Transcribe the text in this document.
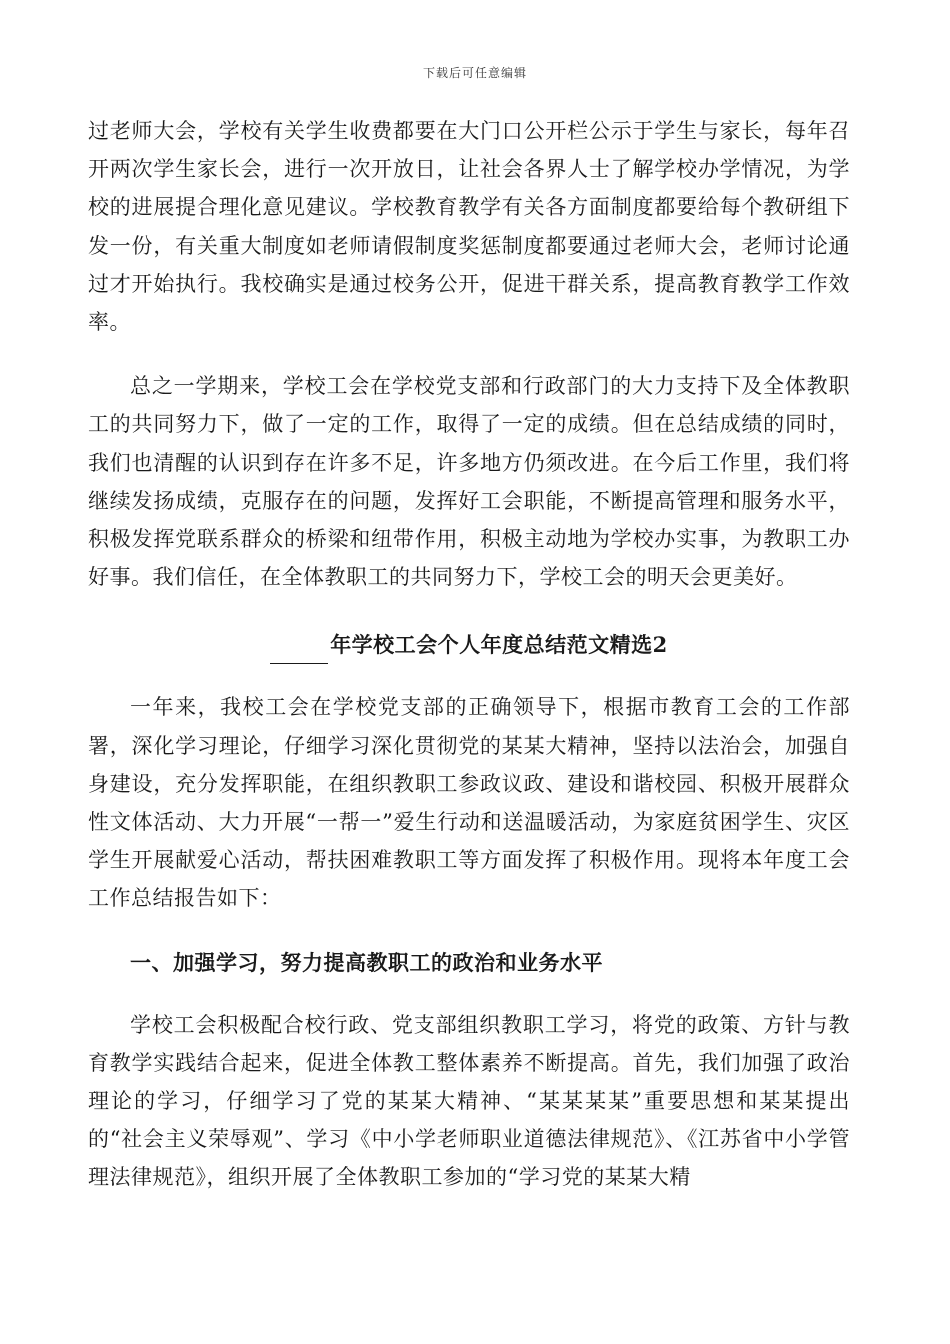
下载后可任意编辑

过老师大会，学校有关学生收费都要在大门口公开栏公示于学生与家长，每年召开两次学生家长会，进行一次开放日，让社会各界人士了解学校办学情况，为学校的进展提合理化意见建议。学校教育教学有关各方面制度都要给每个教研组下发一份，有关重大制度如老师请假制度奖惩制度都要通过老师大会，老师讨论通过才开始执行。我校确实是通过校务公开，促进干群关系，提高教育教学工作效率。

总之一学期来，学校工会在学校党支部和行政部门的大力支持下及全体教职工的共同努力下，做了一定的工作，取得了一定的成绩。但在总结成绩的同时，我们也清醒的认识到存在许多不足，许多地方仍须改进。在今后工作里，我们将继续发扬成绩，克服存在的问题，发挥好工会职能，不断提高管理和服务水平，积极发挥党联系群众的桥梁和纽带作用，积极主动地为学校办实事，为教职工办好事。我们信任，在全体教职工的共同努力下，学校工会的明天会更美好。

年学校工会个人年度总结范文精选2

一年来，我校工会在学校党支部的正确领导下，根据市教育工会的工作部署，深化学习理论，仔细学习深化贯彻党的某某大精神，坚持以法治会，加强自身建设，充分发挥职能，在组织教职工参政议政、建设和谐校园、积极开展群众性文体活动、大力开展“一帮一”爱生行动和送温暖活动，为家庭贫困学生、灾区学生开展献爱心活动，帮扶困难教职工等方面发挥了积极作用。现将本年度工会工作总结报告如下：

一、加强学习，努力提高教职工的政治和业务水平

学校工会积极配合校行政、党支部组织教职工学习，将党的政策、方针与教育教学实践结合起来，促进全体教工整体素养不断提高。首先，我们加强了政治理论的学习，仔细学习了党的某某大精神、“某某某某”重要思想和某某提出的“社会主义荣辱观”、学习《中小学老师职业道德法律规范》、《江苏省中小学管理法律规范》，组织开展了全体教职工参加的“学习党的某某大精
